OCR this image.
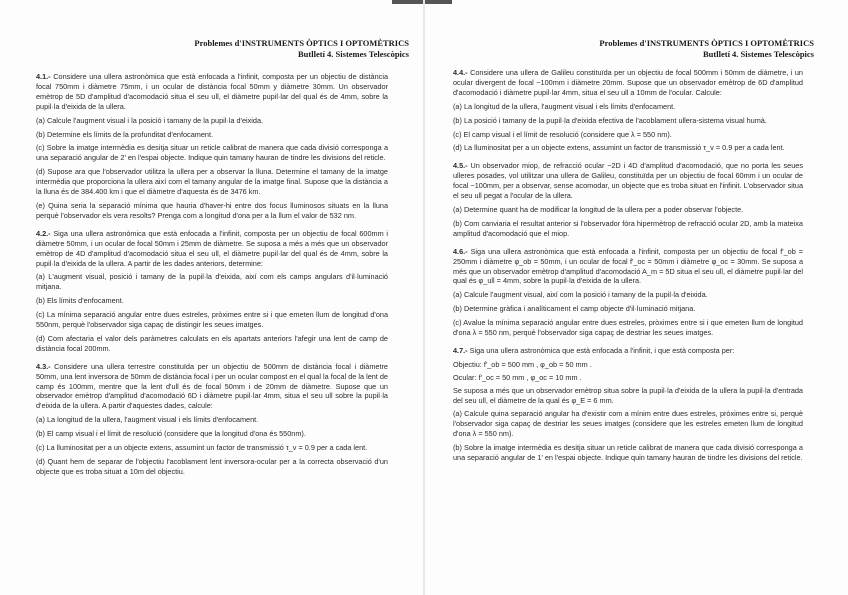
Problemes d'INSTRUMENTS ÒPTICS I OPTOMÈTRICS
Butlletí 4. Sistemes Telescòpics

4.1.- Considere una ullera astronòmica que està enfocada a l'infinit, composta per un objectiu de distància focal 750mm i diàmetre 75mm, i un ocular de distància focal 50mm y diàmetre 30mm. Un observador emètrop de 5D d'amplitud d'acomodació situa el seu ull, el diàmetre pupil·lar del qual és de 4mm, sobre la pupil·la d'eixida de la ullera.

(a) Calcule l'augment visual i la posició i tamany de la pupil·la d'eixida.
(b) Determine els límits de la profunditat d'enfocament.
(c) Sobre la imatge intermèdia es desitja situar un reticle calibrat de manera que cada divisió corresponga a una separació angular de 2' en l'espai objecte. Indique quin tamany hauran de tindre les divisions del reticle.
(d) Supose ara que l'observador utilitza la ullera per a observar la lluna. Determine el tamany de la imatge intermèdia que proporciona la ullera així com el tamany angular de la imatge final. Supose que la distància a la lluna és de 384.400 km i que el diàmetre d'aquesta és de 3476 km.
(e) Quina seria la separació mínima que hauria d'haver-hi entre dos focus lluminosos situats en la lluna perquè l'observador els vera resolts? Prenga com a longitud d'ona per a la llum el valor de 532 nm.

4.2.- Siga una ullera astronòmica que està enfocada a l'infinit, composta per un objectiu de focal 600mm i diàmetre 50mm, i un ocular de focal 50mm i 25mm de diàmetre. Se suposa a més a més que un observador emètrop de 4D d'amplitud d'acomodació situa el seu ull, el diàmetre pupil·lar del qual és de 4mm, sobre la pupil·la d'eixida de la ullera. A partir de les dades anteriors, determine:

(a) L'augment visual, posició i tamany de la pupil·la d'eixida, així com els camps angulars d'il·luminació mitjana.
(b) Els límits d'enfocament.
(c) La mínima separació angular entre dues estreles, pròximes entre si i que emeten llum de longitud d'ona 550nm, perquè l'observador siga capaç de distingir les seues imatges.
(d) Com afectaria el valor dels paràmetres calculats en els apartats anteriors l'afegir una lent de camp de distància focal 200mm.

4.3.- Considere una ullera terrestre constituïda per un objectiu de 500mm de distància focal i diàmetre 50mm, una lent inversora de 50mm de distància focal i per un ocular compost en el qual la focal de la lent de camp és 100mm, mentre que la lent d'ull és de focal 50mm i de 20mm de diàmetre. Supose que un observador emètrop d'amplitud d'acomodació 6D i diàmetre pupil·lar 4mm, situa el seu ull sobre la pupil·la d'eixida de la ullera. A partir d'aquestes dades, calcule:

(a) La longitud de la ullera, l'augment visual i els límits d'enfocament.
(b) El camp visual i el límit de resolució (considere que la longitud d'ona és 550nm).
(c) La lluminositat per a un objecte extens, assumint un factor de transmissió τ_v = 0.9 per a cada lent.
(d) Quant hem de separar de l'objectiu l'acoblament lent inversora-ocular per a la correcta observació d'un objecte que es troba situat a 10m del objectiu.
Problemes d'INSTRUMENTS ÒPTICS I OPTOMÈTRICS
Butlletí 4. Sistemes Telescòpics

4.4.- Considere una ullera de Galileu constituïda per un objectiu de focal 500mm i 50mm de diàmetre, i un ocular divergent de focal −100mm i diàmetre 20mm. Supose que un observador emètrop de 6D d'amplitud d'acomodació i diàmetre pupil·lar 4mm, situa el seu ull a 10mm de l'ocular. Calcule:

(a) La longitud de la ullera, l'augment visual i els límits d'enfocament.
(b) La posició i tamany de la pupil·la d'eixida efectiva de l'acoblament ullera-sistema visual humà.
(c) El camp visual i el límit de resolució (considere que λ = 550 nm).
(d) La lluminositat per a un objecte extens, assumint un factor de transmissió τ_v = 0.9 per a cada lent.

4.5.- Un observador miop, de refracció ocular −2D i 4D d'amplitud d'acomodació, que no porta les seues ulleres posades, vol utilitzar una ullera de Galileu, constituïda per un objectiu de focal 60mm i un ocular de focal −100mm, per a observar, sense acomodar, un objecte que es troba situat en l'infinit. L'observador situa el seu ull pegat a l'ocular de la ullera.

(a) Determine quant ha de modificar la longitud de la ullera per a poder observar l'objecte.
(b) Com canviaria el resultat anterior si l'observador fóra hipermètrop de refracció ocular 2D, amb la mateixa amplitud d'acomodació que el miop.

4.6.- Siga una ullera astronòmica que està enfocada a l'infinit, composta per un objectiu de focal f'_ob = 250mm i diàmetre φ_ob = 50mm, i un ocular de focal f'_oc = 50mm i diàmetre φ_oc = 30mm. Se suposa a més que un observador emètrop d'amplitud d'acomodació A_m = 5D situa el seu ull, el diàmetre pupil·lar del qual és φ_ull = 4mm, sobre la pupil·la d'eixida de la ullera.

(a) Calcule l'augment visual, així com la posició i tamany de la pupil·la d'eixida.
(b) Determine gràfica i analíticament el camp objecte d'il·luminació mitjana.
(c) Avalue la mínima separació angular entre dues estreles, pròximes entre si i que emeten llum de longitud d'ona λ = 550 nm, perquè l'observador siga capaç de destriar les seues imatges.

4.7.- Siga una ullera astronòmica que està enfocada a l'infinit, i que està composta per:

Objectiu: f'_ob = 500 mm , φ_ob = 50 mm .
Ocular: f'_oc = 50 mm , φ_oc = 10 mm .

Se suposa a més que un observador emètrop situa sobre la pupil·la d'eixida de la ullera la pupil·la d'entrada del seu ull, el diàmetre de la qual és φ_E = 6 mm.

(a) Calcule quina separació angular ha d'existir com a mínim entre dues estreles, pròximes entre si, perquè l'observador siga capaç de destriar les seues imatges (considere que les estreles emeten llum de longitud d'ona λ = 550 nm).
(b) Sobre la imatge intermèdia es desitja situar un reticle calibrat de manera que cada divisió corresponga a una separació angular de 1' en l'espai objecte. Indique quin tamany hauran de tindre les divisions del reticle.
